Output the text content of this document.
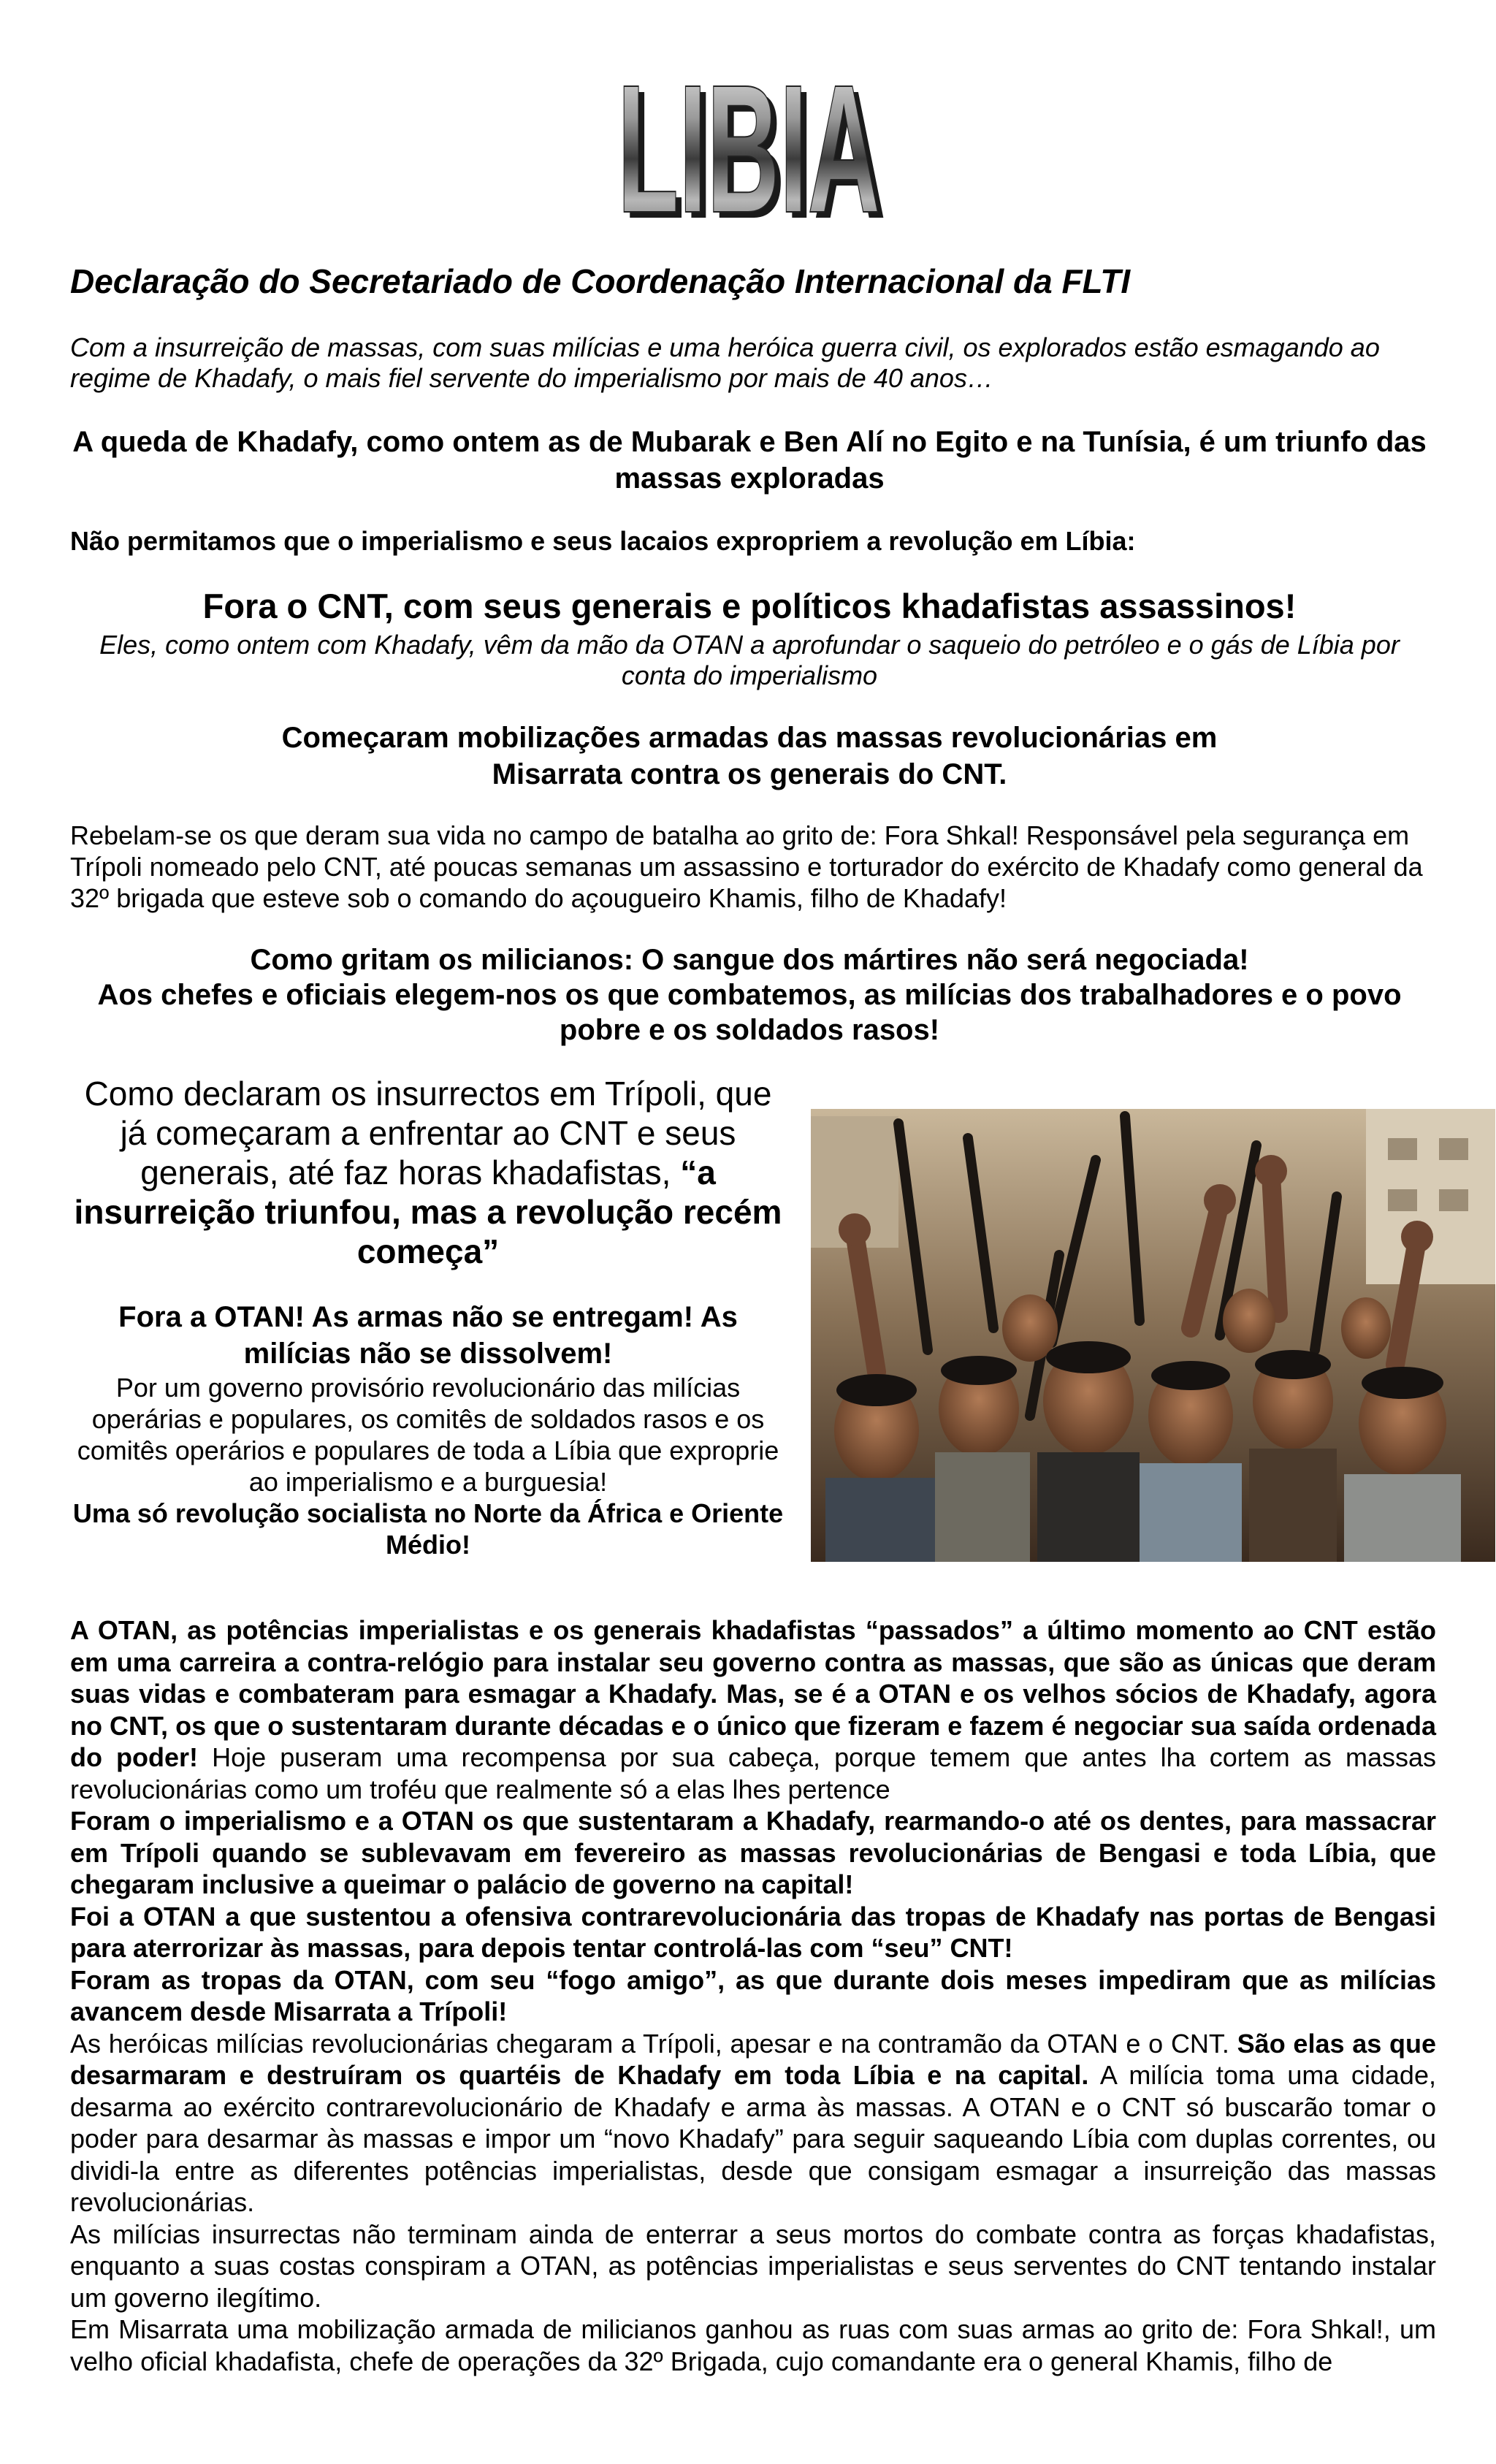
LIBIA
LIBIA
Declaração do Secretariado de Coordenação Internacional da FLTI

Com a insurreição de massas, com suas milícias e uma heróica guerra civil, os explorados estão esmagando ao regime de Khadafy, o mais fiel servente do imperialismo por mais de 40 anos…

A queda de Khadafy, como ontem as de Mubarak e Ben Alí no Egito e na Tunísia, é um triunfo das massas exploradas

Não permitamos que o imperialismo e seus lacaios expropriem a revolução em Líbia:

Fora o CNT, com seus generais e políticos khadafistas assassinos!

Eles, como ontem com Khadafy, vêm da mão da OTAN a aprofundar o saqueio do petróleo e o gás de Líbia por conta do imperialismo

Começaram mobilizações armadas das massas revolucionárias em
Misarrata contra os generais do CNT.

Rebelam-se os que deram sua vida no campo de batalha ao grito de: Fora Shkal! Responsável pela segurança em Trípoli nomeado pelo CNT, até poucas semanas um assassino e torturador do exército de Khadafy como general da 32º brigada que esteve sob o comando do açougueiro Khamis, filho de Khadafy!

Como gritam os milicianos: O sangue dos mártires não será negociada!
Aos chefes e oficiais elegem-nos os que combatemos, as milícias dos trabalhadores e o povo pobre e os soldados rasos!

Como declaram os insurrectos em Trípoli, que já começaram a enfrentar ao CNT e seus generais, até faz horas khadafistas, “a insurreição triunfou, mas a revolução recém começa”

Fora a OTAN! As armas não se entregam! As milícias não se dissolvem!

Por um governo provisório revolucionário das milícias operárias e populares, os comitês de soldados rasos e os comitês operários e populares de toda a Líbia que exproprie ao imperialismo e a burguesia!

Uma só revolução socialista no Norte da África e Oriente Médio!

A OTAN, as potências imperialistas e os generais khadafistas “passados” a último momento ao CNT estão em uma carreira a contra-relógio para instalar seu governo contra as massas, que são as únicas que deram suas vidas e combateram para esmagar a Khadafy. Mas, se é a OTAN e os velhos sócios de Khadafy, agora no CNT, os que o sustentaram durante décadas e o único que fizeram e fazem é negociar sua saída ordenada do poder! Hoje puseram uma recompensa por sua cabeça, porque temem que antes lha cortem as massas revolucionárias como um troféu que realmente só a elas lhes pertence

Foram o imperialismo e a OTAN os que sustentaram a Khadafy, rearmando-o até os dentes, para massacrar em Trípoli quando se sublevavam em fevereiro as massas revolucionárias de Bengasi e toda Líbia, que chegaram inclusive a queimar o palácio de governo na capital!

Foi a OTAN a que sustentou a ofensiva contrarevolucionária das tropas de Khadafy nas portas de Bengasi para aterrorizar às massas, para depois tentar controlá-las com “seu” CNT!

Foram as tropas da OTAN, com seu “fogo amigo”, as que durante dois meses impediram que as milícias avancem desde Misarrata a Trípoli!

As heróicas milícias revolucionárias chegaram a Trípoli, apesar e na contramão da OTAN e o CNT. São elas as que desarmaram e destruíram os quartéis de Khadafy em toda Líbia e na capital. A milícia toma uma cidade, desarma ao exército contrarevolucionário de Khadafy e arma às massas. A OTAN e o CNT só buscarão tomar o poder para desarmar às massas e impor um “novo Khadafy” para seguir saqueando Líbia com duplas correntes, ou dividi-la entre as diferentes potências imperialistas, desde que consigam esmagar a insurreição das massas revolucionárias.

As milícias insurrectas não terminam ainda de enterrar a seus mortos do combate contra as forças khadafistas, enquanto a suas costas conspiram a OTAN, as potências imperialistas e seus serventes do CNT tentando instalar um governo ilegítimo.

Em Misarrata uma mobilização armada de milicianos ganhou as ruas com suas armas ao grito de: Fora Shkal!, um velho oficial khadafista, chefe de operações da 32º Brigada, cujo comandante era o general Khamis, filho de
